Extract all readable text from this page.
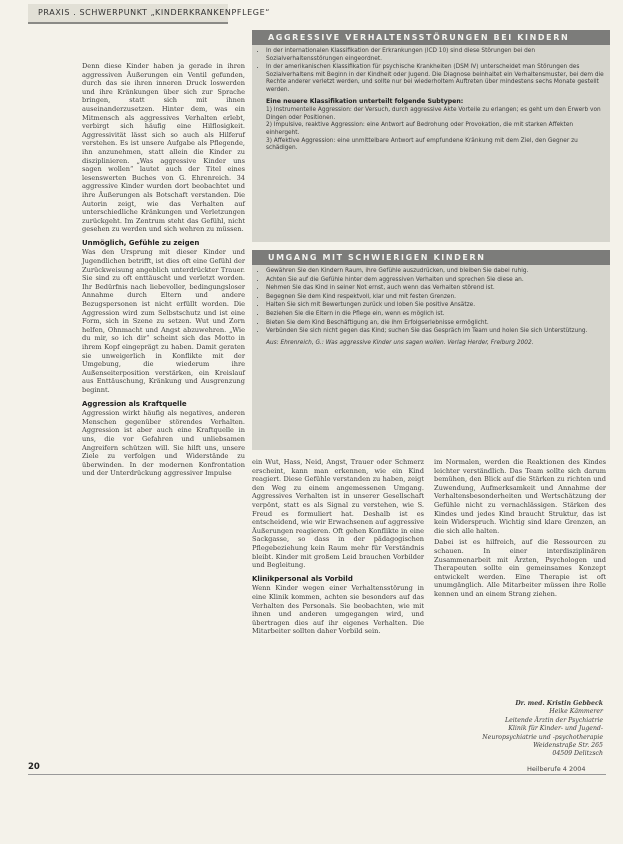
PRAXIS . SCHWERPUNKT „KINDERKRANKENPFLEGE“

Denn diese Kinder haben ja gerade in ihren aggressiven Äußerungen ein Ventil gefunden, durch das sie ihren inneren Druck loswerden und ihre Kränkungen über sich zur Sprache bringen, statt sich mit ihnen auseinanderzusetzen. Hinter dem, was ein Mitmensch als aggressives Verhalten erlebt, verbirgt sich häufig eine Hilflosigkeit. Aggressivität lässt sich so auch als Hilferuf verstehen. Es ist unsere Aufgabe als Pflegende, ihn anzunehmen, statt allein die Kinder zu disziplinieren. „Was aggressive Kinder uns sagen wollen“ lautet auch der Titel eines lesenswerten Buches von G. Ehrenreich. 34 aggressive Kinder wurden dort beobachtet und ihre Äußerungen als Botschaft verstanden. Die Autorin zeigt, wie das Verhalten auf unterschiedliche Kränkungen und Verletzungen zurückgeht. Im Zentrum steht das Gefühl, nicht gesehen zu werden und sich wehren zu müssen.

Unmöglich, Gefühle zu zeigen

Was den Ursprung mit dieser Kinder und Jugendlichen betrifft, ist dies oft eine Gefühl der Zurückweisung angeblich unterdrückter Trauer. Sie sind zu oft enttäuscht und verletzt worden. Ihr Bedürfnis nach liebevoller, bedingungsloser Annahme durch Eltern und andere Bezugspersonen ist nicht erfüllt worden. Die Aggression wird zum Selbstschutz und ist eine Form, sich in Szene zu setzen. Wut und Zorn helfen, Ohnmacht und Angst abzuwehren. „Wie du mir, so ich dir“ scheint sich das Motto in ihrem Kopf eingeprägt zu haben. Damit geraten sie unweigerlich in Konflikte mit der Umgebung, die wiederum ihre Außenseiterposition verstärken, ein Kreislauf aus Enttäuschung, Kränkung und Ausgrenzung beginnt.

Aggression als Kraftquelle

Aggression wirkt häufig als negatives, anderen Menschen gegenüber störendes Verhalten. Aggression ist aber auch eine Kraftquelle in uns, die vor Gefahren und unliebsamen Angreifern schützen will. Sie hilft uns, unsere Ziele zu verfolgen und Widerstände zu überwinden. In der modernen Konfrontation und der Unterdrückung aggressiver Impulse

AGGRESSIVE VERHALTENSSTÖRUNGEN BEI KINDERN
• In der internationalen Klassifikation der Erkrankungen (ICD 10) sind diese Störungen bei den Sozialverhaltensstörungen eingeordnet.
• In der amerikanischen Klassifikation für psychische Krankheiten (DSM IV) unterscheidet man Störungen des Sozialverhaltens mit Beginn in der Kindheit oder Jugend. Die Diagnose beinhaltet ein Verhaltensmuster, bei dem die Rechte anderer verletzt werden, und sollte nur bei wiederholtem Auftreten über mindestens sechs Monate gestellt werden.
Eine neuere Klassifikation unterteilt folgende Subtypen:
1) Instrumentelle Aggression: der Versuch, durch aggressive Akte Vorteile zu erlangen; es geht um den Erwerb von Dingen oder Positionen.
2) Impulsive, reaktive Aggression: eine Antwort auf Bedrohung oder Provokation, die mit starken Affekten einhergeht.
3) Affektive Aggression: eine unmittelbare Antwort auf empfundene Kränkung mit dem Ziel, den Gegner zu schädigen.
UMGANG MIT SCHWIERIGEN KINDERN
• Gewähren Sie den Kindern Raum, ihre Gefühle auszudrücken, und bleiben Sie dabei ruhig.
• Achten Sie auf die Gefühle hinter dem aggressiven Verhalten und sprechen Sie diese an.
• Nehmen Sie das Kind in seiner Not ernst, auch wenn das Verhalten störend ist.
• Begegnen Sie dem Kind respektvoll, klar und mit festen Grenzen.
• Halten Sie sich mit Bewertungen zurück und loben Sie positive Ansätze.
• Beziehen Sie die Eltern in die Pflege ein, wenn es möglich ist.
• Bieten Sie dem Kind Beschäftigung an, die ihm Erfolgserlebnisse ermöglicht.
• Verbünden Sie sich nicht gegen das Kind; suchen Sie das Gespräch im Team und holen Sie sich Unterstützung.
Aus: Ehrenreich, G.: Was aggressive Kinder uns sagen wollen. Verlag Herder, Freiburg 2002.

ein Wut, Hass, Neid, Angst, Trauer oder Schmerz erscheint, kann man erkennen, wie ein Kind reagiert. Diese Gefühle verstanden zu haben, zeigt den Weg zu einem angemessenen Umgang. Aggressives Verhalten ist in unserer Gesellschaft verpönt, statt es als Signal zu verstehen, wie S. Freud es formuliert hat. Deshalb ist es entscheidend, wie wir Erwachsenen auf aggressive Äußerungen reagieren. Oft gehen Konflikte in eine Sackgasse, so dass in der pädagogischen Pflegebeziehung kein Raum mehr für Verständnis bleibt. Kinder mit großem Leid brauchen Vorbilder und Begleitung.

Klinikpersonal als Vorbild

Wenn Kinder wegen einer Verhaltensstörung in eine Klinik kommen, achten sie besonders auf das Verhalten des Personals. Sie beobachten, wie mit ihnen und anderen umgegangen wird, und übertragen dies auf ihr eigenes Verhalten. Die Mitarbeiter sollten daher Vorbild sein.

im Normalen, werden die Reaktionen des Kindes leichter verständlich. Das Team sollte sich darum bemühen, den Blick auf die Stärken zu richten und Zuwendung, Aufmerksamkeit und Annahme der Verhaltensbesonderheiten und Wertschätzung der Gefühle nicht zu vernachlässigen. Stärken des Kindes und jedes Kind braucht Struktur, das ist kein Widerspruch. Wichtig sind klare Grenzen, an die sich alle halten.

Dabei ist es hilfreich, auf die Ressourcen zu schauen. In einer interdisziplinären Zusammenarbeit mit Ärzten, Psychologen und Therapeuten sollte ein gemeinsames Konzept entwickelt werden. Eine Therapie ist oft unumgänglich. Alle Mitarbeiter müssen ihre Rolle kennen und an einem Strang ziehen.

Dr. med. Kristin Gebbeck
Heike Kämmerer
Leitende Ärztin der Psychiatrie
Klinik für Kinder- und Jugend-
Neuropsychiatrie und -psychotherapie
Weidenstraße Str. 265
04509 Delitzsch
20	Heilberufe 4 2004
